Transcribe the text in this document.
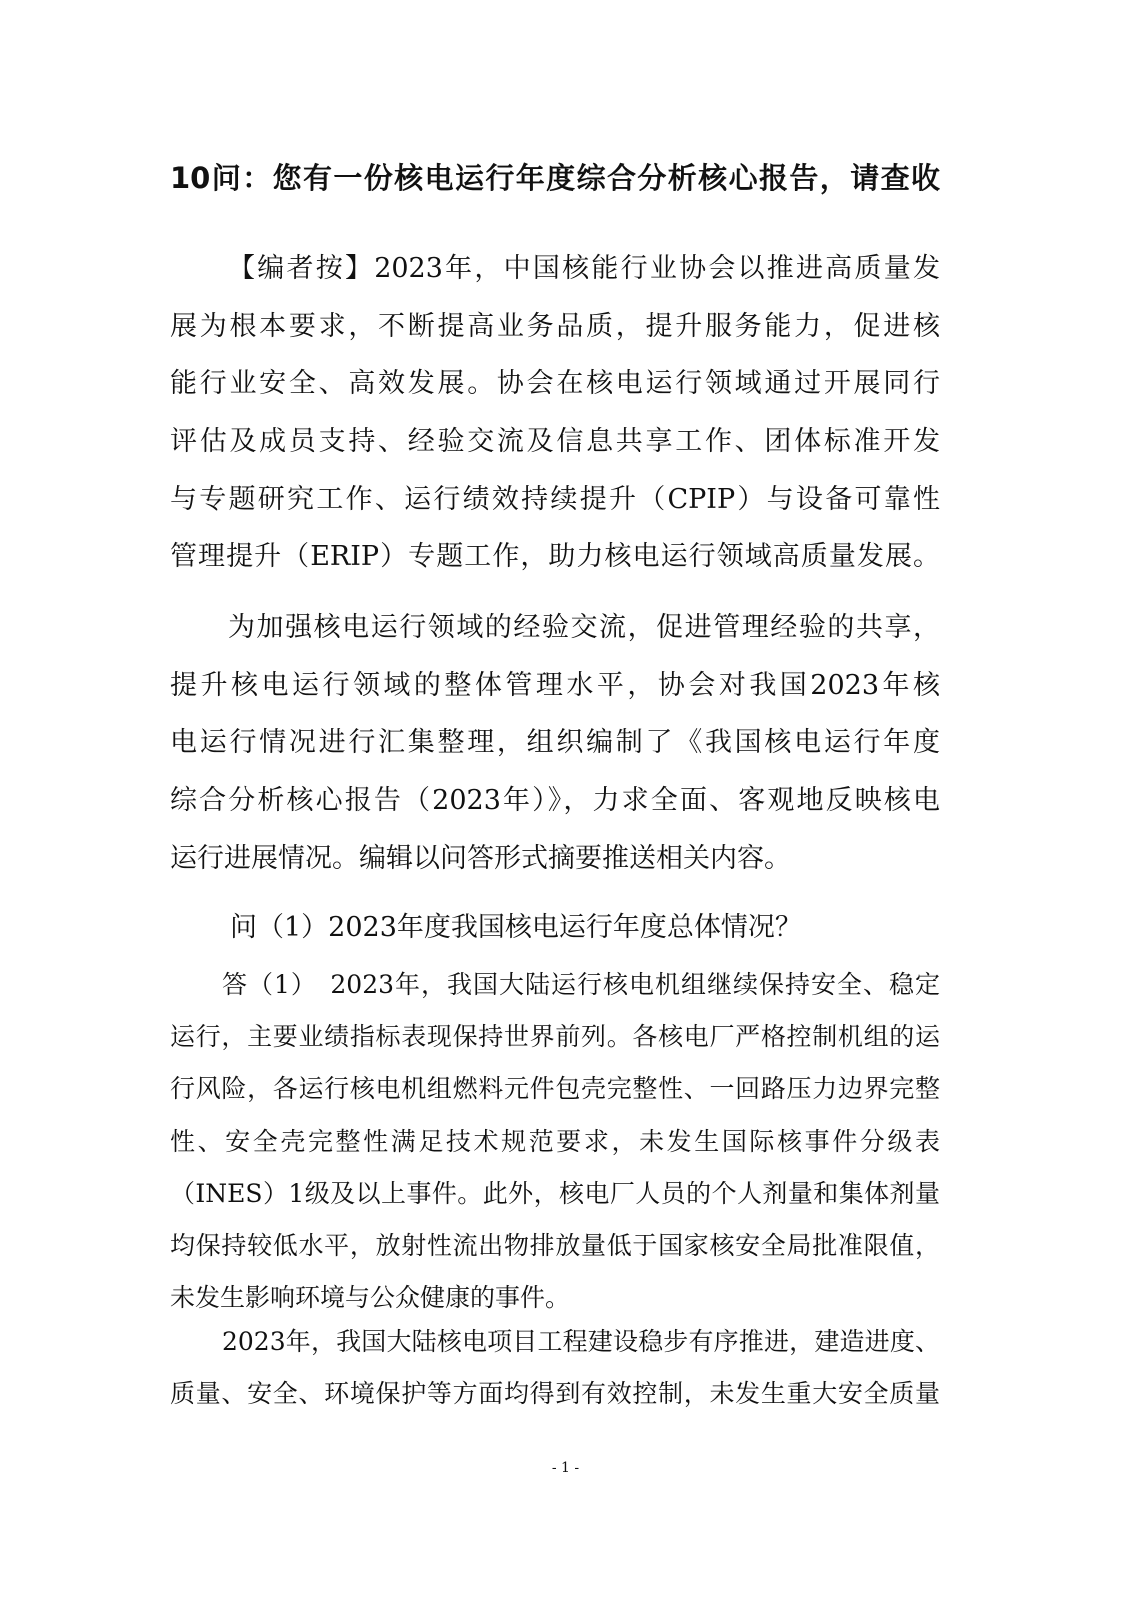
10问：您有一份核电运行年度综合分析核心报告，请查收
【编者按】2023年，中国核能行业协会以推进高质量发
展为根本要求，不断提高业务品质，提升服务能力，促进核
能行业安全、高效发展。协会在核电运行领域通过开展同行
评估及成员支持、经验交流及信息共享工作、团体标准开发
与专题研究工作、运行绩效持续提升（CPIP）与设备可靠性
管理提升（ERIP）专题工作，助力核电运行领域高质量发展。
为加强核电运行领域的经验交流，促进管理经验的共享，
提升核电运行领域的整体管理水平，协会对我国2023年核
电运行情况进行汇集整理，组织编制了《我国核电运行年度
综合分析核心报告（2023年）》，力求全面、客观地反映核电
运行进展情况。编辑以问答形式摘要推送相关内容。
问（1）2023年度我国核电运行年度总体情况？
答（1）　2023年，我国大陆运行核电机组继续保持安全、稳定
运行，主要业绩指标表现保持世界前列。各核电厂严格控制机组的运
行风险，各运行核电机组燃料元件包壳完整性、一回路压力边界完整
性、安全壳完整性满足技术规范要求，未发生国际核事件分级表
（INES）1级及以上事件。此外，核电厂人员的个人剂量和集体剂量
均保持较低水平，放射性流出物排放量低于国家核安全局批准限值，
未发生影响环境与公众健康的事件。
2023年，我国大陆核电项目工程建设稳步有序推进，建造进度、
质量、安全、环境保护等方面均得到有效控制，未发生重大安全质量
- 1 -
